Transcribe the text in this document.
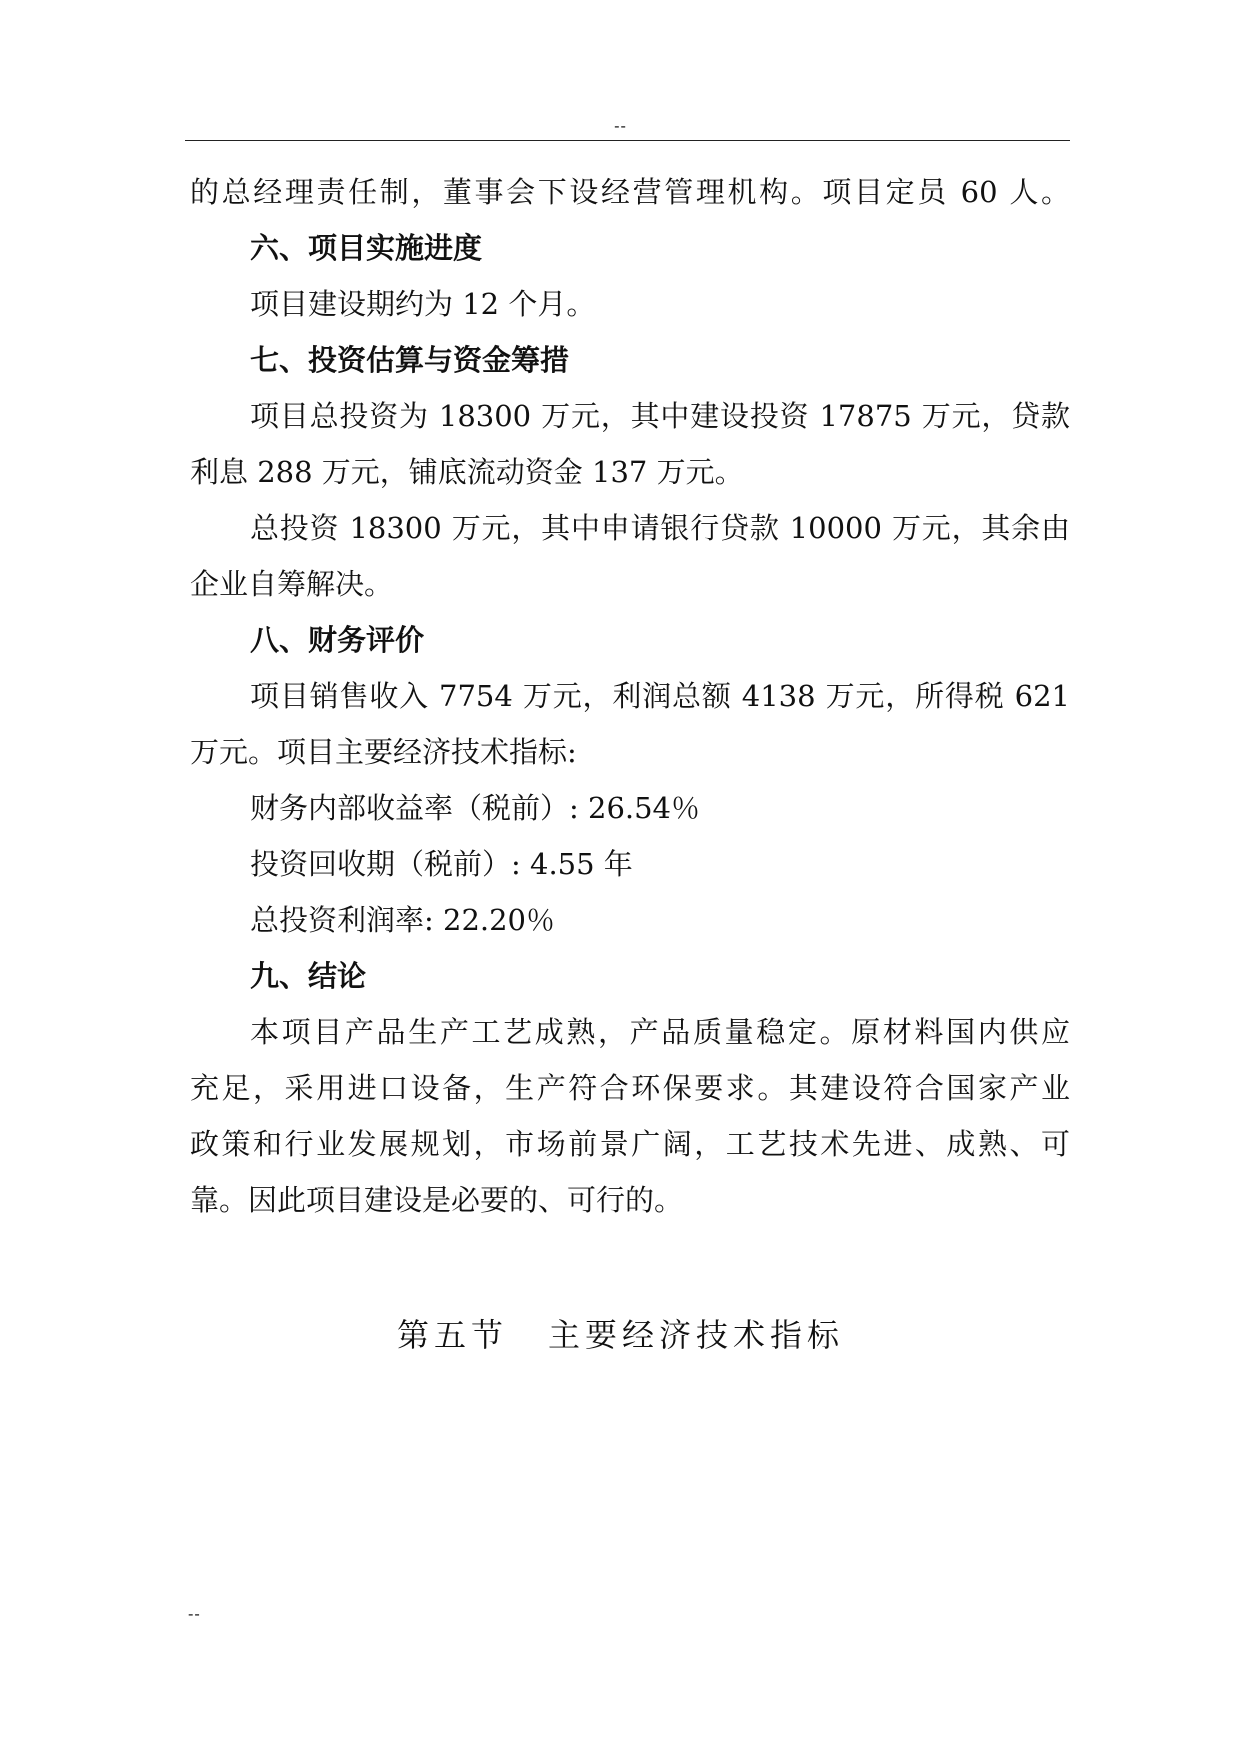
--
的总经理责任制，董事会下设经营管理机构。项目定员 60 人。
六、项目实施进度
项目建设期约为 12 个月。
七、投资估算与资金筹措
项目总投资为 18300 万元，其中建设投资 17875 万元，贷款
利息 288 万元，铺底流动资金 137 万元。
总投资 18300 万元，其中申请银行贷款 10000 万元，其余由
企业自筹解决。
八、财务评价
项目销售收入 7754 万元，利润总额 4138 万元，所得税 621
万元。项目主要经济技术指标:
财务内部收益率（税前）: 26.54％
投资回收期（税前）: 4.55 年
总投资利润率: 22.20％
九、结论
本项目产品生产工艺成熟，产品质量稳定。原材料国内供应
充足，采用进口设备，生产符合环保要求。其建设符合国家产业
政策和行业发展规划，市场前景广阔，工艺技术先进、成熟、可
靠。因此项目建设是必要的、可行的。
第五节 主要经济技术指标
--
